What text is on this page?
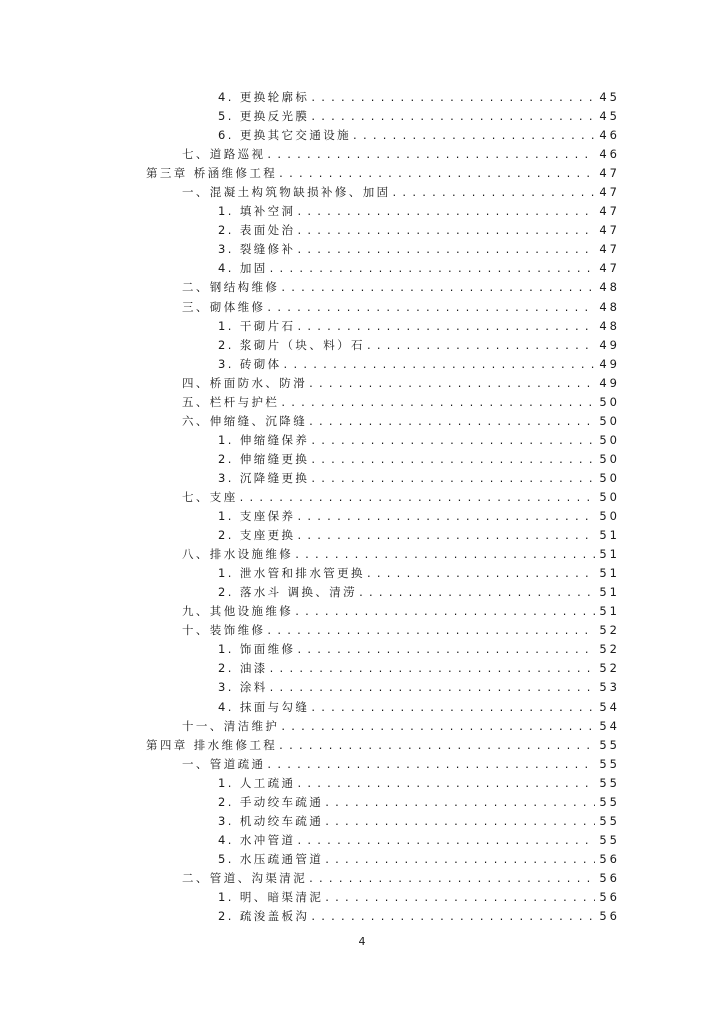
4. 更换轮廓标 . . .	45
5. 更换反光膜 . . .	45
6. 更换其它交通设施 . . .	46
七、道路巡视 . . .	46
第三章 桥涵维修工程 . . .	47
一、混凝土构筑物缺损补修、加固 . . .	47
1. 填补空洞 . . .	47
2. 表面处治 . . .	47
3. 裂缝修补 . . .	47
4. 加固 . . .	47
二、钢结构维修 . . .	48
三、砌体维修 . . .	48
1. 干砌片石 . . .	48
2. 浆砌片（块、料）石 . . .	49
3. 砖砌体 . . .	49
四、桥面防水、防滑 . . .	49
五、栏杆与护栏 . . .	50
六、伸缩缝、沉降缝 . . .	50
1. 伸缩缝保养 . . .	50
2. 伸缩缝更换 . . .	50
3. 沉降缝更换 . . .	50
七、支座 . . .	50
1. 支座保养 . . .	50
2. 支座更换 . . .	51
八、排水设施维修 . . .	51
1. 泄水管和排水管更换 . . .	51
2. 落水斗 调换、清涝 . . .	51
九、其他设施维修 . . .	51
十、装饰维修 . . .	52
1. 饰面维修 . . .	52
2. 油漆 . . .	52
3. 涂料 . . .	53
4. 抹面与勾缝 . . .	54
十一、清洁维护 . . .	54
第四章 排水维修工程 . . .	55
一、管道疏通 . . .	55
1. 人工疏通 . . .	55
2. 手动绞车疏通 . . .	55
3. 机动绞车疏通 . . .	55
4. 水冲管道 . . .	55
5. 水压疏通管道 . . .	56
二、管道、沟渠清泥 . . .	56
1. 明、暗渠清泥 . . .	56
2. 疏浚盖板沟 . . .	56
4
